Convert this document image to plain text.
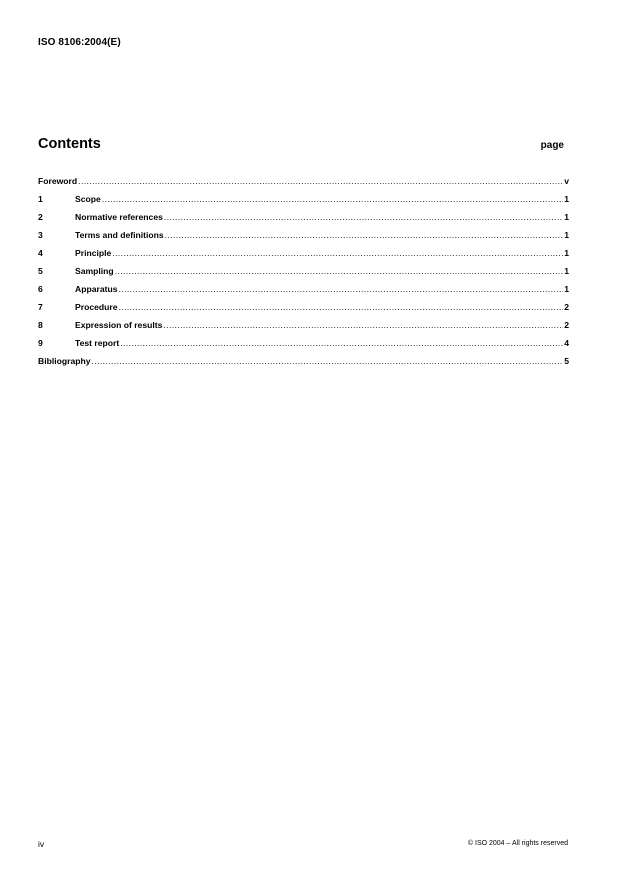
ISO 8106:2004(E)
Contents	page
Foreword .....	v
1	Scope .....	1
2	Normative references .....	1
3	Terms and definitions .....	1
4	Principle .....	1
5	Sampling .....	1
6	Apparatus .....	1
7	Procedure .....	2
8	Expression of results .....	2
9	Test report .....	4
Bibliography .....	5
iv	© ISO 2004 – All rights reserved
